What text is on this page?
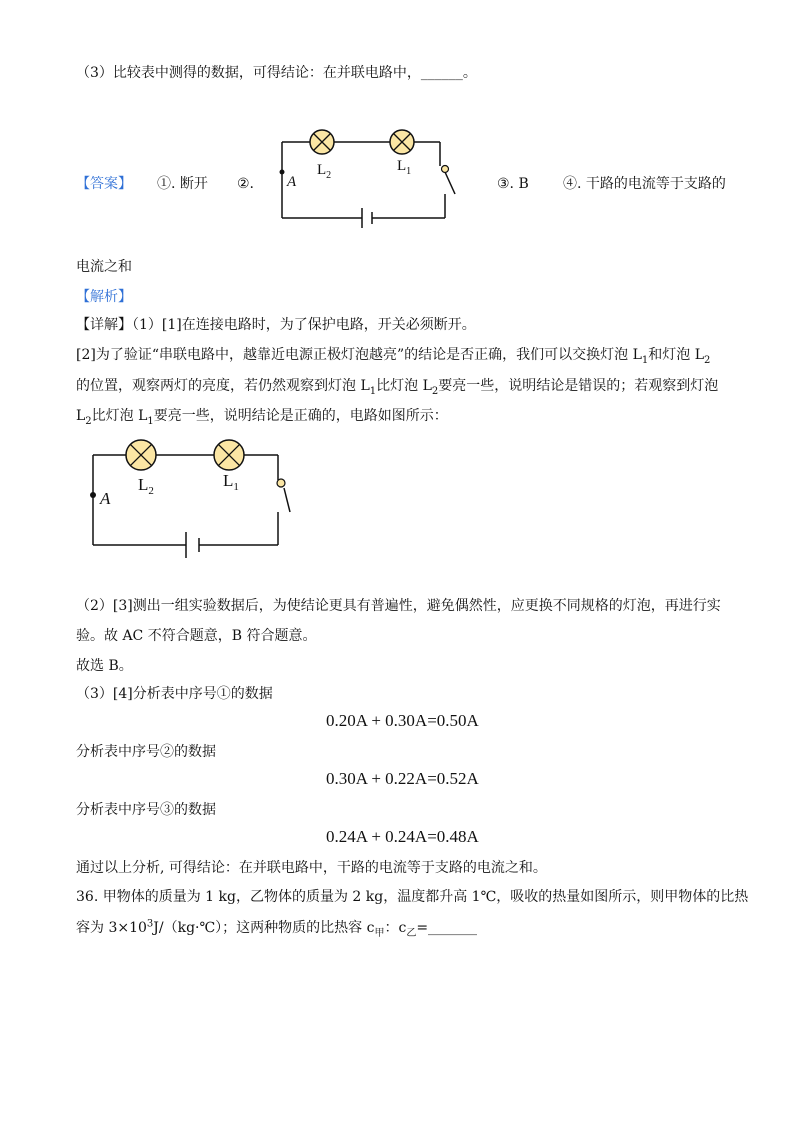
（3）比较表中测得的数据，可得结论：在并联电路中，______。
【答案】 ①. 断开 ②. A
$L_2$
$L_1$
③. B ④. 干路的电流等于支路的
电流之和
【解析】
【详解】（1）[1]在连接电路时，为了保护电路，开关必须断开。
[2]为了验证“串联电路中，越靠近电源正极灯泡越亮”的结论是否正确，我们可以交换灯泡 $L_1$和灯泡 $L_2$
的位置，观察两灯的亮度，若仍然观察到灯泡 $L_1$比灯泡 $L_2$要亮一些，说明结论是错误的；若观察到灯泡
$L_2$比灯泡 $L_1$要亮一些，说明结论是正确的，电路如图所示：
A
$L_2$
$L_1$
（2）[3]测出一组实验数据后，为使结论更具有普遍性，避免偶然性，应更换不同规格的灯泡，再进行实
验。故 AC 不符合题意，B 符合题意。
故选 B。
（3）[4]分析表中序号①的数据
0.20A + 0.30A=0.50A
分析表中序号②的数据
0.30A + 0.22A=0.52A
分析表中序号③的数据
0.24A + 0.24A=0.48A
通过以上分析, 可得结论：在并联电路中，干路的电流等于支路的电流之和。
36. 甲物体的质量为 1 kg，乙物体的质量为 2 kg，温度都升高 1℃，吸收的热量如图所示，则甲物体的比热
容为 $3\times 10^3J/(kg\cdot℃)$；这两种物质的比热容 $c_甲$：$c_乙=\_\_\_\_\_\_\_$
